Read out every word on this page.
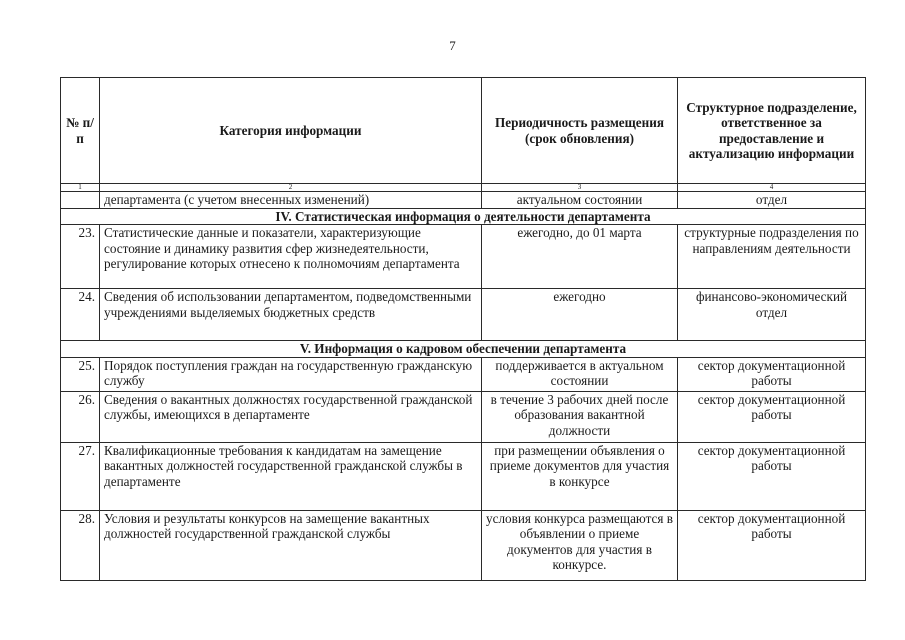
7
№ п/п	Категория информации	Периодичность размещения (срок обновления)	Структурное подразделение, ответственное за предоставление и актуализацию информации
1	2	3	4
	департамента (с учетом внесенных изменений)	актуальном состоянии	отдел
IV. Статистическая информация о деятельности департамента			
23.	Статистические данные и показатели, характеризующие состояние и динамику развития сфер жизнедеятельности, регулирование которых отнесено к полномочиям департамента	ежегодно, до 01 марта	структурные подразделения по направлениям деятельности
24.	Сведения об использовании департаментом, подведомственными учреждениями выделяемых бюджетных средств	ежегодно	финансово-экономический отдел
V. Информация о кадровом обеспечении департамента			
25.	Порядок поступления граждан на государственную гражданскую службу	поддерживается в актуальном состоянии	сектор документационной работы
26.	Сведения о вакантных должностях государственной гражданской службы, имеющихся в департаменте	в течение 3 рабочих дней после образования вакантной должности	сектор документационной работы
27.	Квалификационные требования к кандидатам на замещение вакантных должностей государственной гражданской службы в департаменте	при размещении объявления о приеме документов для участия в конкурсе	сектор документационной работы
28.	Условия и результаты конкурсов на замещение вакантных должностей государственной гражданской службы	условия конкурса размещаются в объявлении о приеме документов для участия в конкурсе.	сектор документационной работы
